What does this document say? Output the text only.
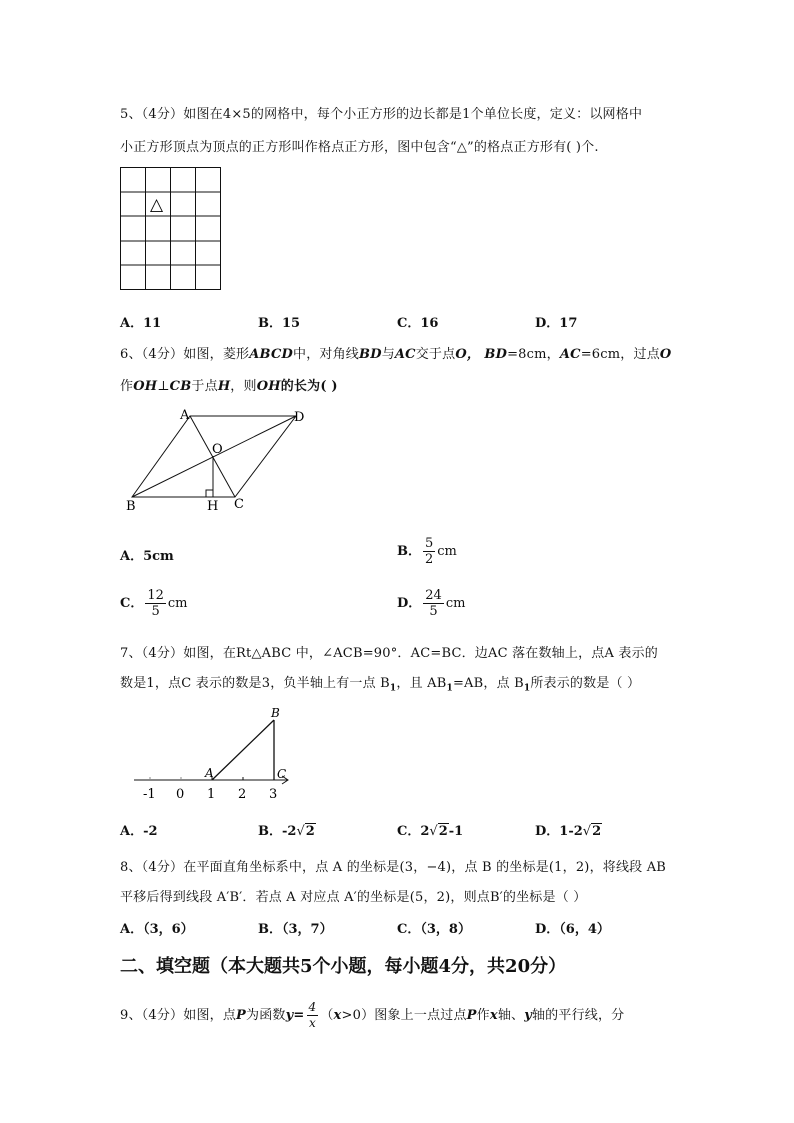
5、（4分）如图在4×5的网格中，每个小正方形的边长都是1个单位长度，定义：以网格中
小正方形顶点为顶点的正方形叫作格点正方形，图中包含“△”的格点正方形有( )个.
△
A．11	B．15	C．16	D．17
6、（4分）如图，菱形ABCD中，对角线BD与AC交于点O， BD=8cm，AC=6cm，过点O
作OH⊥CB于点H，则OH的长为( )
A	D
O
B	H C
A．5cm	B． $\frac{5}{2}$ cm
C． $\frac{12}{5}$ cm	D． $\frac{24}{5}$ cm
7、（4分）如图，在Rt△ABC 中，∠ACB=90°．AC=BC．边AC 落在数轴上，点A 表示的
数是1，点C 表示的数是3，负半轴上有一点 $B_1$，且 $AB_1=AB$，点 $B_1$所表示的数是（ ）
B
A	C
-1 0 1 2 3
A．-2	B．-2√2	C．2√2-1	D．1-2√2
8、（4分）在平面直角坐标系中，点 A 的坐标是(3，−4)，点 B 的坐标是(1，2)，将线段 AB
平移后得到线段 A′B′．若点 A 对应点 A′的坐标是(5，2)，则点B′的坐标是（ ）
A．（3，6）	B．（3，7）	C．（3，8）	D．（6，4）
二、填空题（本大题共5个小题，每小题4分，共20分）
9、（4分）如图，点P为函数$y= \frac{4}{x} (x>0)$图象上一点过点P作x轴、y轴的平行线，分
